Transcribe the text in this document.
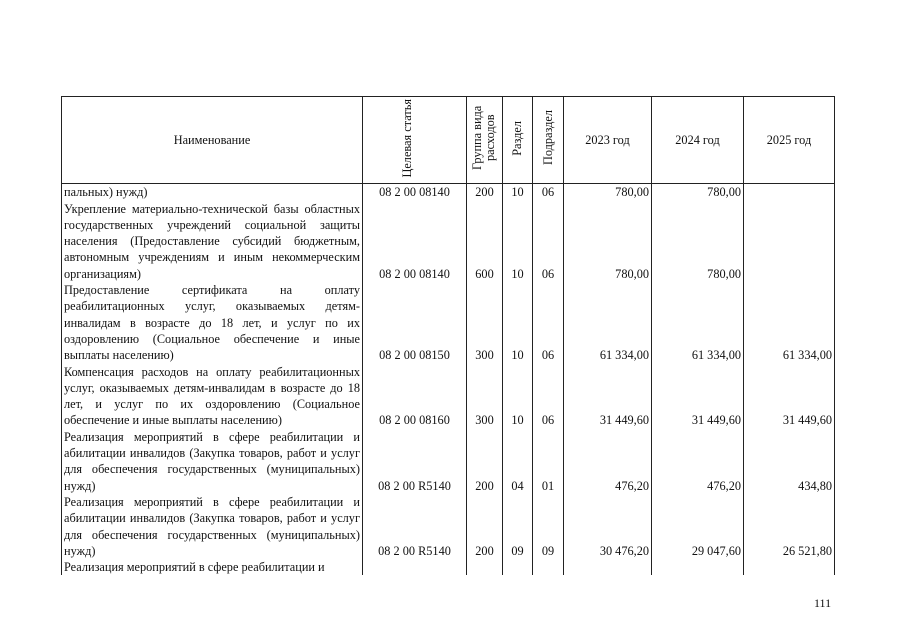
Наименование	Целевая статья	Группа вида расходов	Раздел	Подраздел	2023 год	2024 год	2025 год
пальных) нужд)	08 2 00 08140	200	10	06	780,00	780,00	
Укрепление материально-технической базы областных государственных учреждений социальной защиты населения (Предоставление субсидий бюджетным, автономным учреждениям и иным некоммерческим организациям)	08 2 00 08140	600	10	06	780,00	780,00	
Предоставление сертификата на оплату реабилитационных услуг, оказываемых детям-инвалидам в возрасте до 18 лет, и услуг по их оздоровлению (Социальное обеспечение и иные выплаты населению)	08 2 00 08150	300	10	06	61 334,00	61 334,00	61 334,00
Компенсация расходов на оплату реабилитационных услуг, оказываемых детям-инвалидам в возрасте до 18 лет, и услуг по их оздоровлению (Социальное обеспечение и иные выплаты населению)	08 2 00 08160	300	10	06	31 449,60	31 449,60	31 449,60
Реализация мероприятий в сфере реабилитации и абилитации инвалидов (Закупка товаров, работ и услуг для обеспечения государственных (муниципальных) нужд)	08 2 00 R5140	200	04	01	476,20	476,20	434,80
Реализация мероприятий в сфере реабилитации и абилитации инвалидов (Закупка товаров, работ и услуг для обеспечения государственных (муниципальных) нужд)	08 2 00 R5140	200	09	09	30 476,20	29 047,60	26 521,80
Реализация мероприятий в сфере реабилитации и							
111
